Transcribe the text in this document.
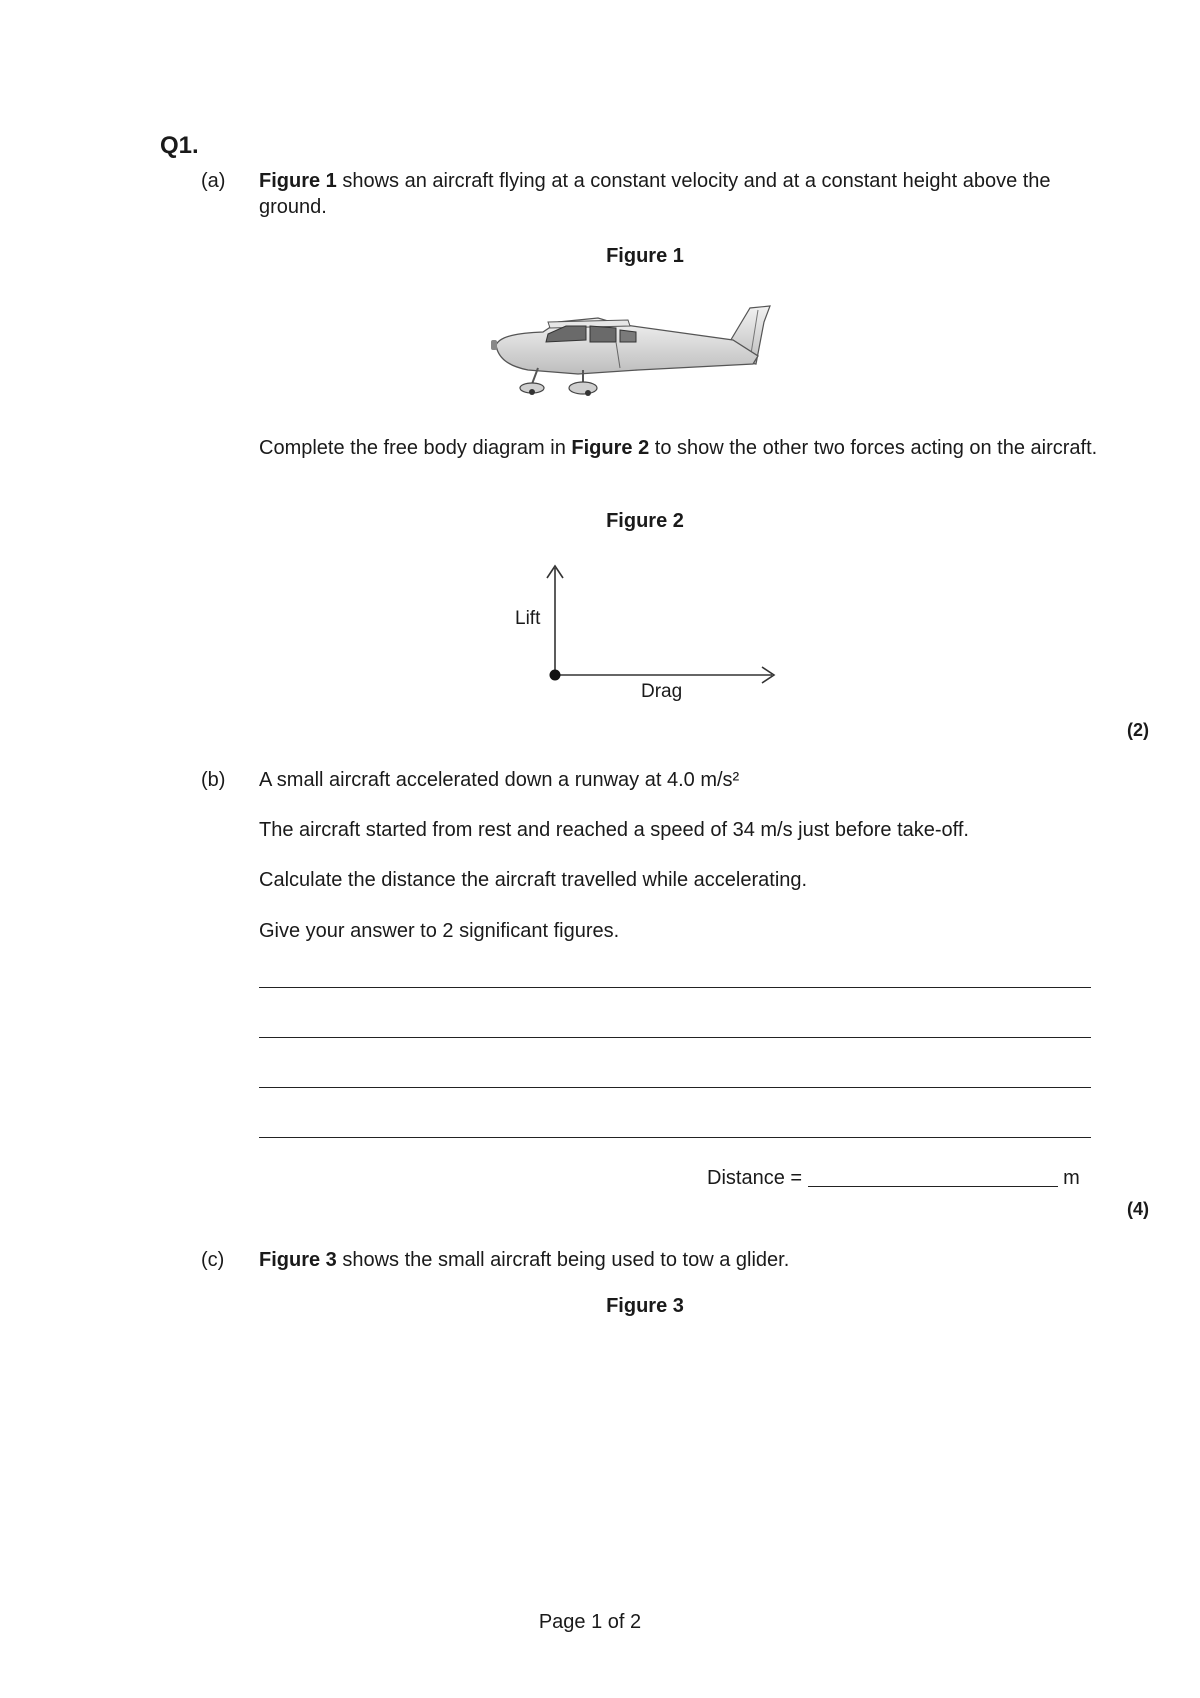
Q1.
(a) Figure 1 shows an aircraft flying at a constant velocity and at a constant height above the ground.
Figure 1
Complete the free body diagram in Figure 2 to show the other two forces acting on the aircraft.
Figure 2
Lift
Drag
(2)
(b) A small aircraft accelerated down a runway at 4.0 m/s²
The aircraft started from rest and reached a speed of 34 m/s just before take-off.
Calculate the distance the aircraft travelled while accelerating.
Give your answer to 2 significant figures.
Distance =	m
(4)
(c) Figure 3 shows the small aircraft being used to tow a glider.
Figure 3
Page 1 of 2
